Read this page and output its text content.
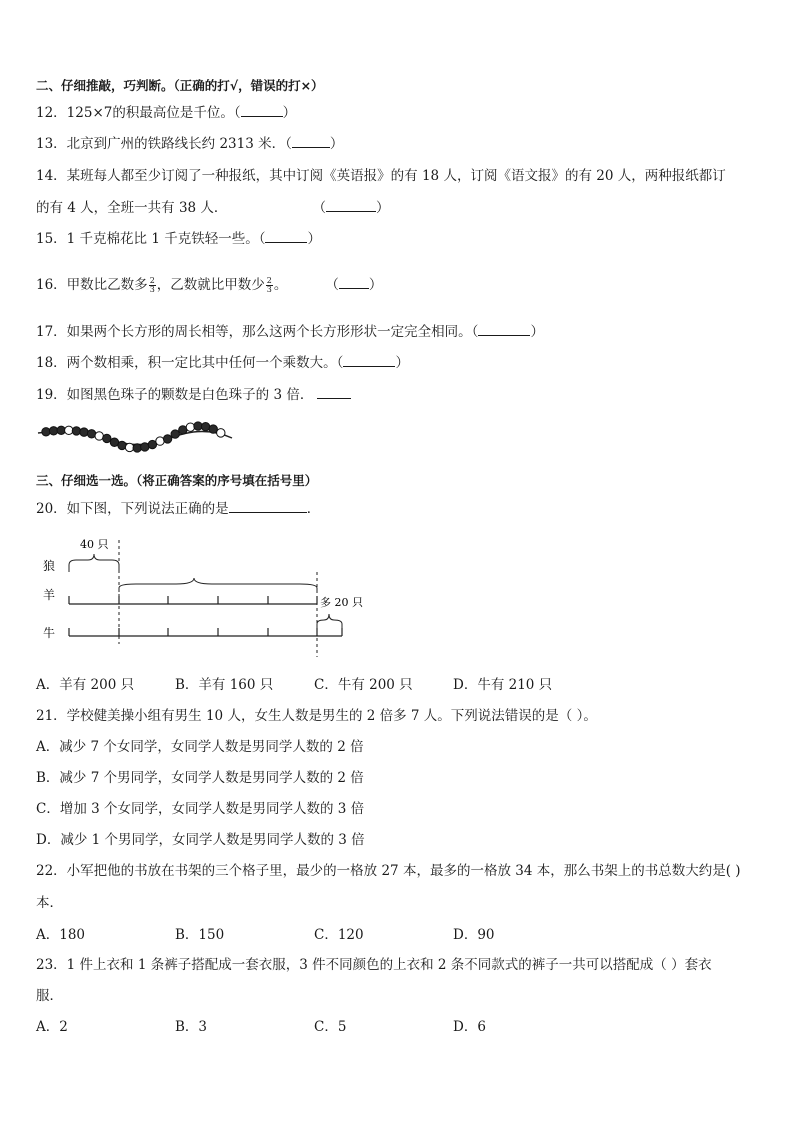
二、仔细推敲，巧判断。（正确的打√，错误的打×）
12．125×7的积最高位是千位。（	）
13．北京到广州的铁路线长约 2313 米．（	）
14．某班每人都至少订阅了一种报纸，其中订阅《英语报》的有 18 人，订阅《语文报》的有 20 人，两种报纸都订
的有 4 人，全班一共有 38 人．	（	）
15．1 千克棉花比 1 千克铁轻一些。（	）
16．甲数比乙数多 $\frac{2}{3}$ ，乙数就比甲数少 $\frac{2}{3}$ 。	（ ）
17．如果两个长方形的周长相等，那么这两个长方形形状一定完全相同。（	）
18．两个数相乘，积一定比其中任何一个乘数大。（	）
19．如图黑色珠子的颗数是白色珠子的 3 倍．
三、仔细选一选。（将正确答案的序号填在括号里）
20．如下图，下列说法正确的是	．
狼
羊
牛
40 只
多 20 只
A．羊有 200 只	B．羊有 160 只	C．牛有 200 只	D．牛有 210 只
21．学校健美操小组有男生 10 人，女生人数是男生的 2 倍多 7 人。下列说法错误的是（ ）。
A．减少 7 个女同学，女同学人数是男同学人数的 2 倍
B．减少 7 个男同学，女同学人数是男同学人数的 2 倍
C．增加 3 个女同学，女同学人数是男同学人数的 3 倍
D．减少 1 个男同学，女同学人数是男同学人数的 3 倍
22．小军把他的书放在书架的三个格子里，最少的一格放 27 本，最多的一格放 34 本，那么书架上的书总数大约是( )
本．
A．180	B．150	C．120	D．90
23．1 件上衣和 1 条裤子搭配成一套衣服，3 件不同颜色的上衣和 2 条不同款式的裤子一共可以搭配成（ ）套衣
服．
A．2	B．3	C．5	D．6
